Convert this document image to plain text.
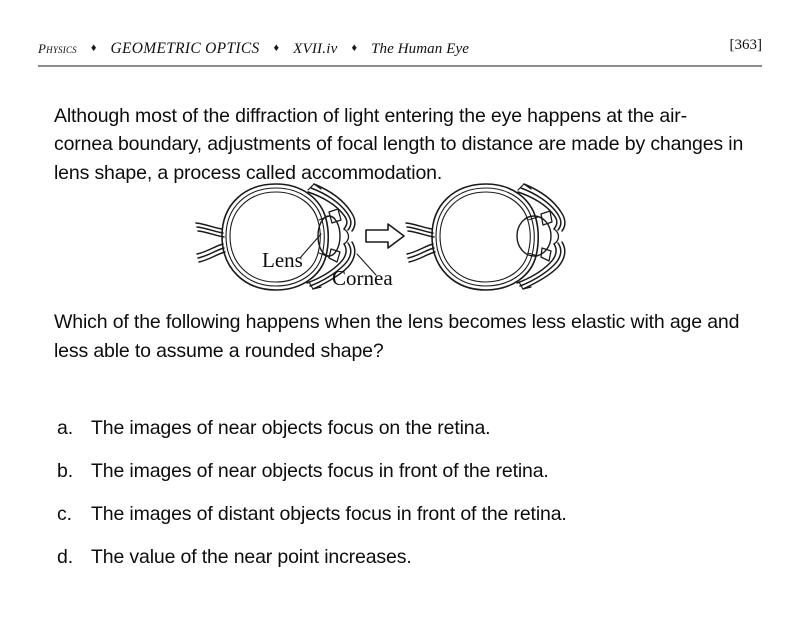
Physics ♦ GEOMETRIC OPTICS ♦ XVII.iv ♦ The Human Eye	[363]

Although most of the diffraction of light entering the eye happens at the air-cornea boundary, adjustments of focal length to distance are made by changes in lens shape, a process called accommodation.

Lens
Cornea
Which of the following happens when the lens becomes less elastic with age and less able to assume a rounded shape?
a. The images of near objects focus on the retina.
b. The images of near objects focus in front of the retina.
c. The images of distant objects focus in front of the retina.
d. The value of the near point increases.
